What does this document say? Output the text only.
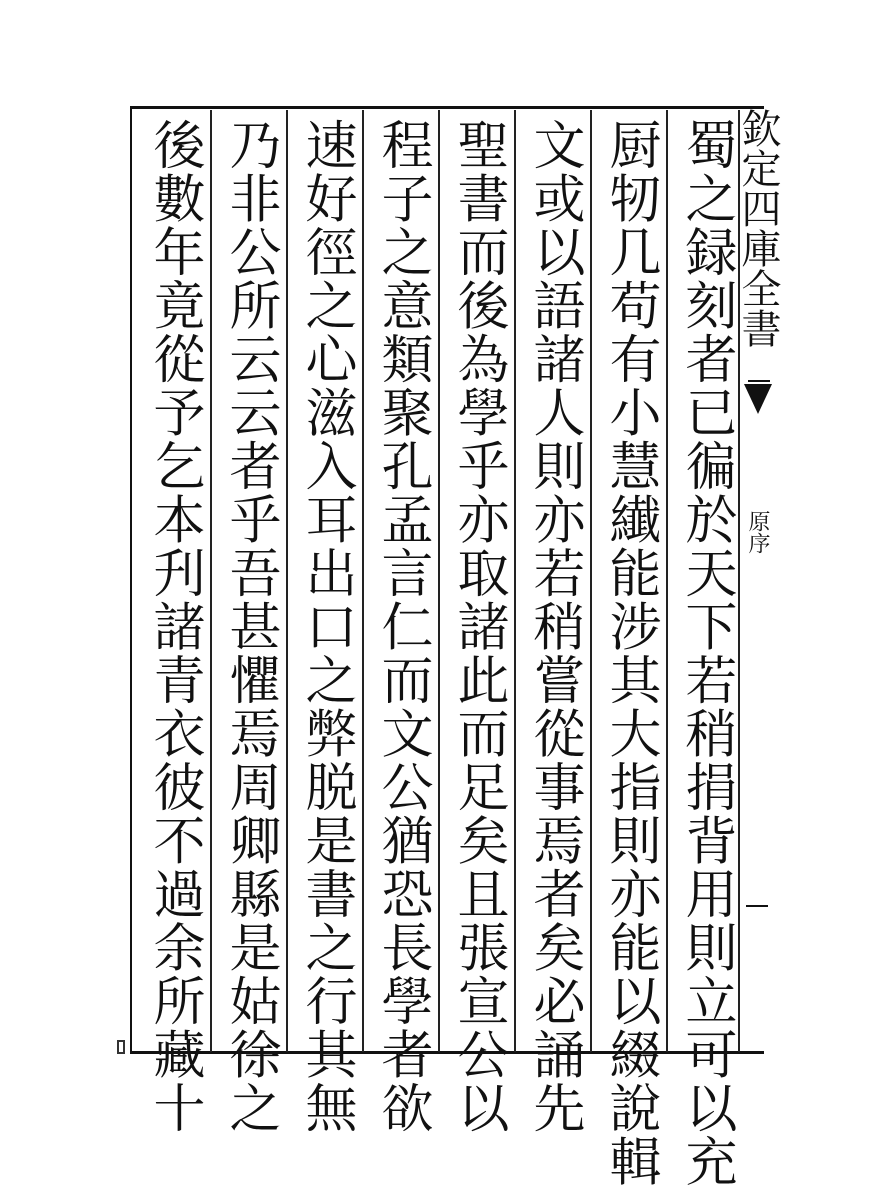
蜀之録刻者已徧於天下若稍捐背用則立可以充
厨牣几苟有小慧纎能涉其大指則亦能以綴說輯
文或以語諸人則亦若稍嘗從事焉者矣必誦先
聖書而後為學乎亦取諸此而足矣且張宣公以
程子之意類聚孔孟言仁而文公猶恐長學者欲
速好徑之心滋入耳出口之弊脱是書之行其無
乃非公所云云者乎吾甚懼焉周卿縣是姑徐之
後數年竟從予乞本刋諸青衣彼不過余所藏十	欽定四庫全書
原序
